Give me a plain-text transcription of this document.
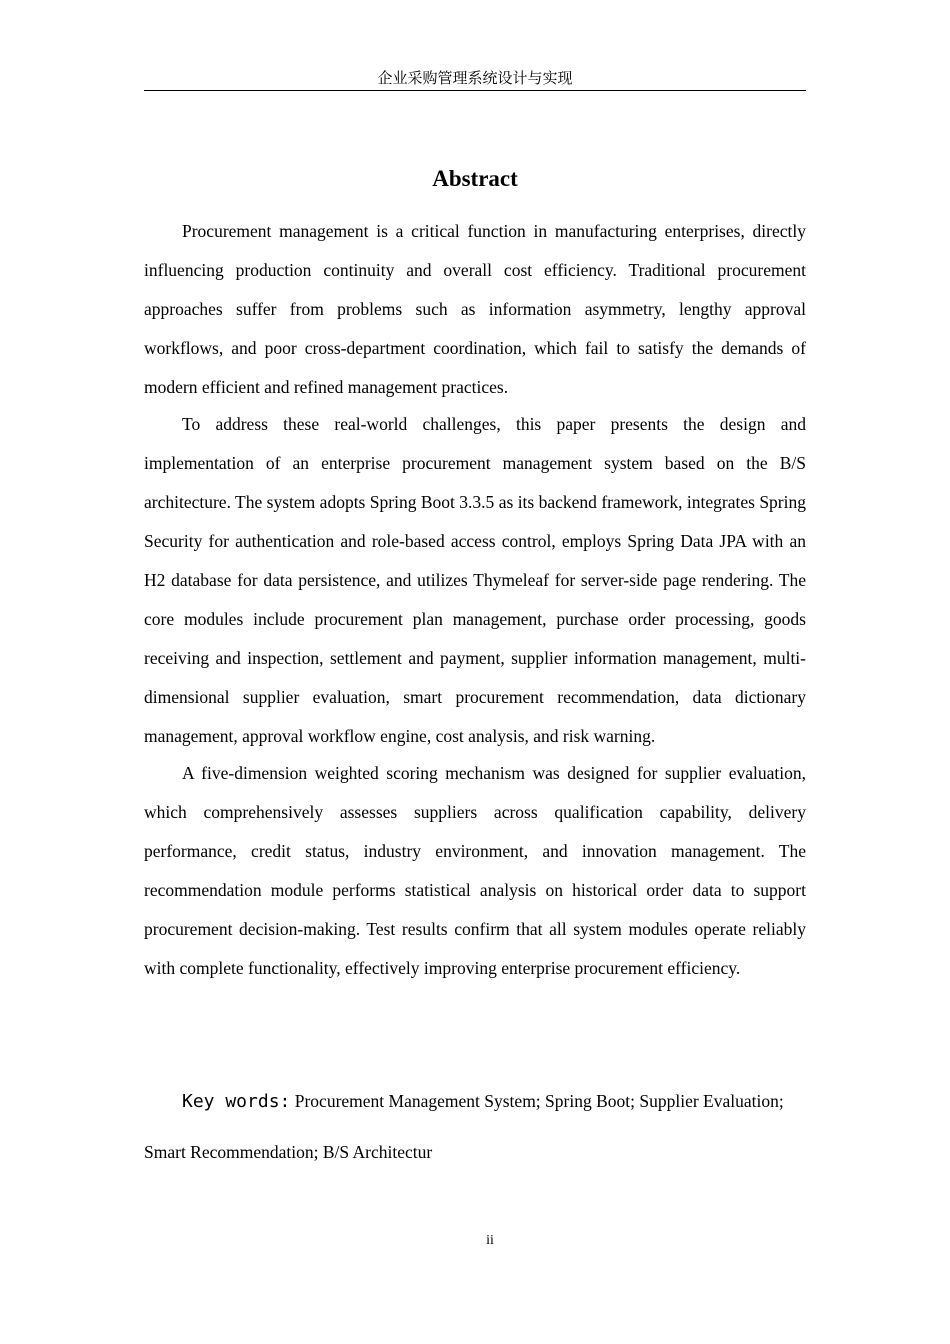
企业采购管理系统设计与实现
Abstract

Procurement management is a critical function in manufacturing enterprises, directly influencing production continuity and overall cost efficiency. Traditional procurement approaches suffer from problems such as information asymmetry, lengthy approval workflows, and poor cross-department coordination, which fail to satisfy the demands of modern efficient and refined management practices.

To address these real-world challenges, this paper presents the design and implementation of an enterprise procurement management system based on the B/S architecture. The system adopts Spring Boot 3.3.5 as its backend framework, integrates Spring Security for authentication and role-based access control, employs Spring Data JPA with an H2 database for data persistence, and utilizes Thymeleaf for server-side page rendering. The core modules include procurement plan management, purchase order processing, goods receiving and inspection, settlement and payment, supplier information management, multi-dimensional supplier evaluation, smart procurement recommendation, data dictionary management, approval workflow engine, cost analysis, and risk warning.

A five-dimension weighted scoring mechanism was designed for supplier evaluation, which comprehensively assesses suppliers across qualification capability, delivery performance, credit status, industry environment, and innovation management. The recommendation module performs statistical analysis on historical order data to support procurement decision-making. Test results confirm that all system modules operate reliably with complete functionality, effectively improving enterprise procurement efficiency.

Key words: Procurement Management System; Spring Boot; Supplier Evaluation; Smart Recommendation; B/S Architectur

ii
